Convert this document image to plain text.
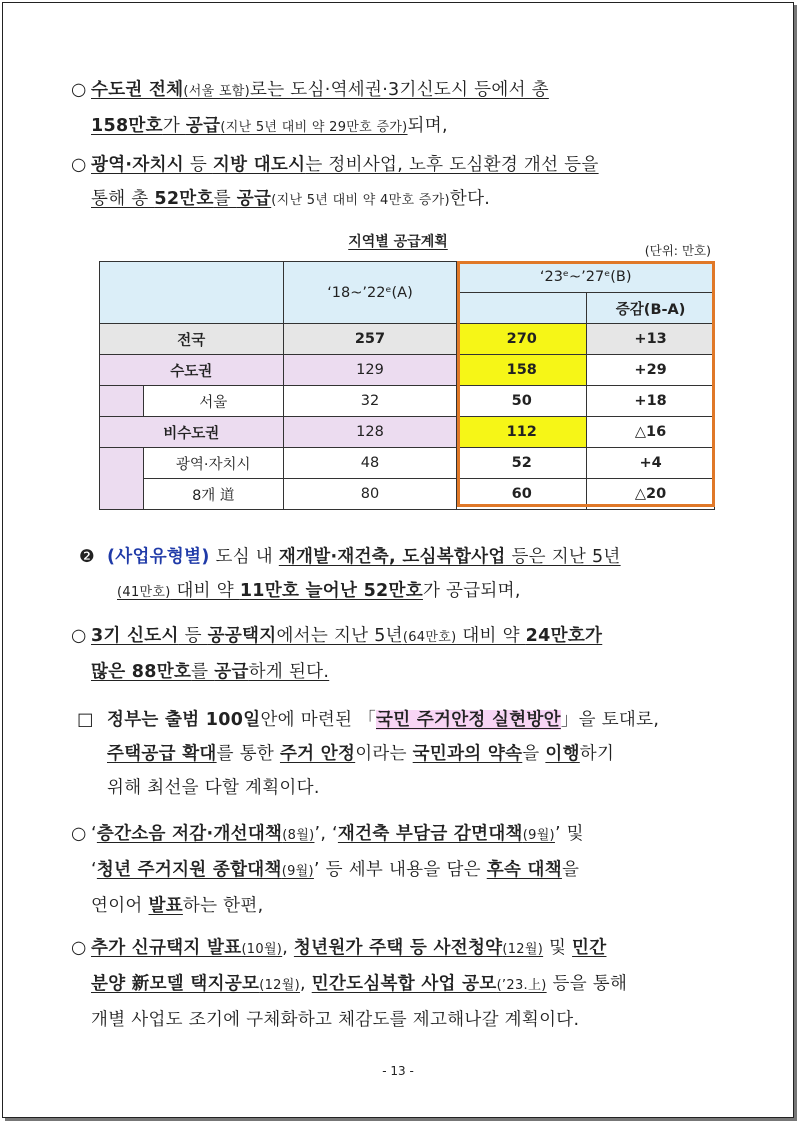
○ 수도권 전체(서울 포함)로는 도심·역세권·3기신도시 등에서 총
158만호가 공급(지난 5년 대비 약 29만호 증가)되며,
○ 광역·자치시 등 지방 대도시는 정비사업, 노후 도심환경 개선 등을
통해 총 52만호를 공급(지난 5년 대비 약 4만호 증가)한다.
지역별 공급계획
(단위: 만호)
		‘18~’22ᵉ(A)	‘23ᵉ~’27ᵉ(B)	
				증감(B-A)
전국		257	270	+13
수도권		129	158	+29
	서울	32	50	+18
비수도권		128	112	△16
	광역·자치시	48	52	+4
	8개 道	80	60	△20
❷ (사업유형별) 도심 내 재개발·재건축, 도심복합사업 등은 지난 5년
(41만호) 대비 약 11만호 늘어난 52만호가 공급되며,
○ 3기 신도시 등 공공택지에서는 지난 5년(64만호) 대비 약 24만호가
많은 88만호를 공급하게 된다.
□ 정부는 출범 100일안에 마련된 「국민 주거안정 실현방안」을 토대로,
주택공급 확대를 통한 주거 안정이라는 국민과의 약속을 이행하기
위해 최선을 다할 계획이다.
○ ‘층간소음 저감·개선대책(8월)’, ‘재건축 부담금 감면대책(9월)’ 및
‘청년 주거지원 종합대책(9월)’ 등 세부 내용을 담은 후속 대책을
연이어 발표하는 한편,
○ 추가 신규택지 발표(10월), 청년원가 주택 등 사전청약(12월) 및 민간
분양 新모델 택지공모(12월), 민간도심복합 사업 공모(’23.上) 등을 통해
개별 사업도 조기에 구체화하고 체감도를 제고해나갈 계획이다.
- 13 -
